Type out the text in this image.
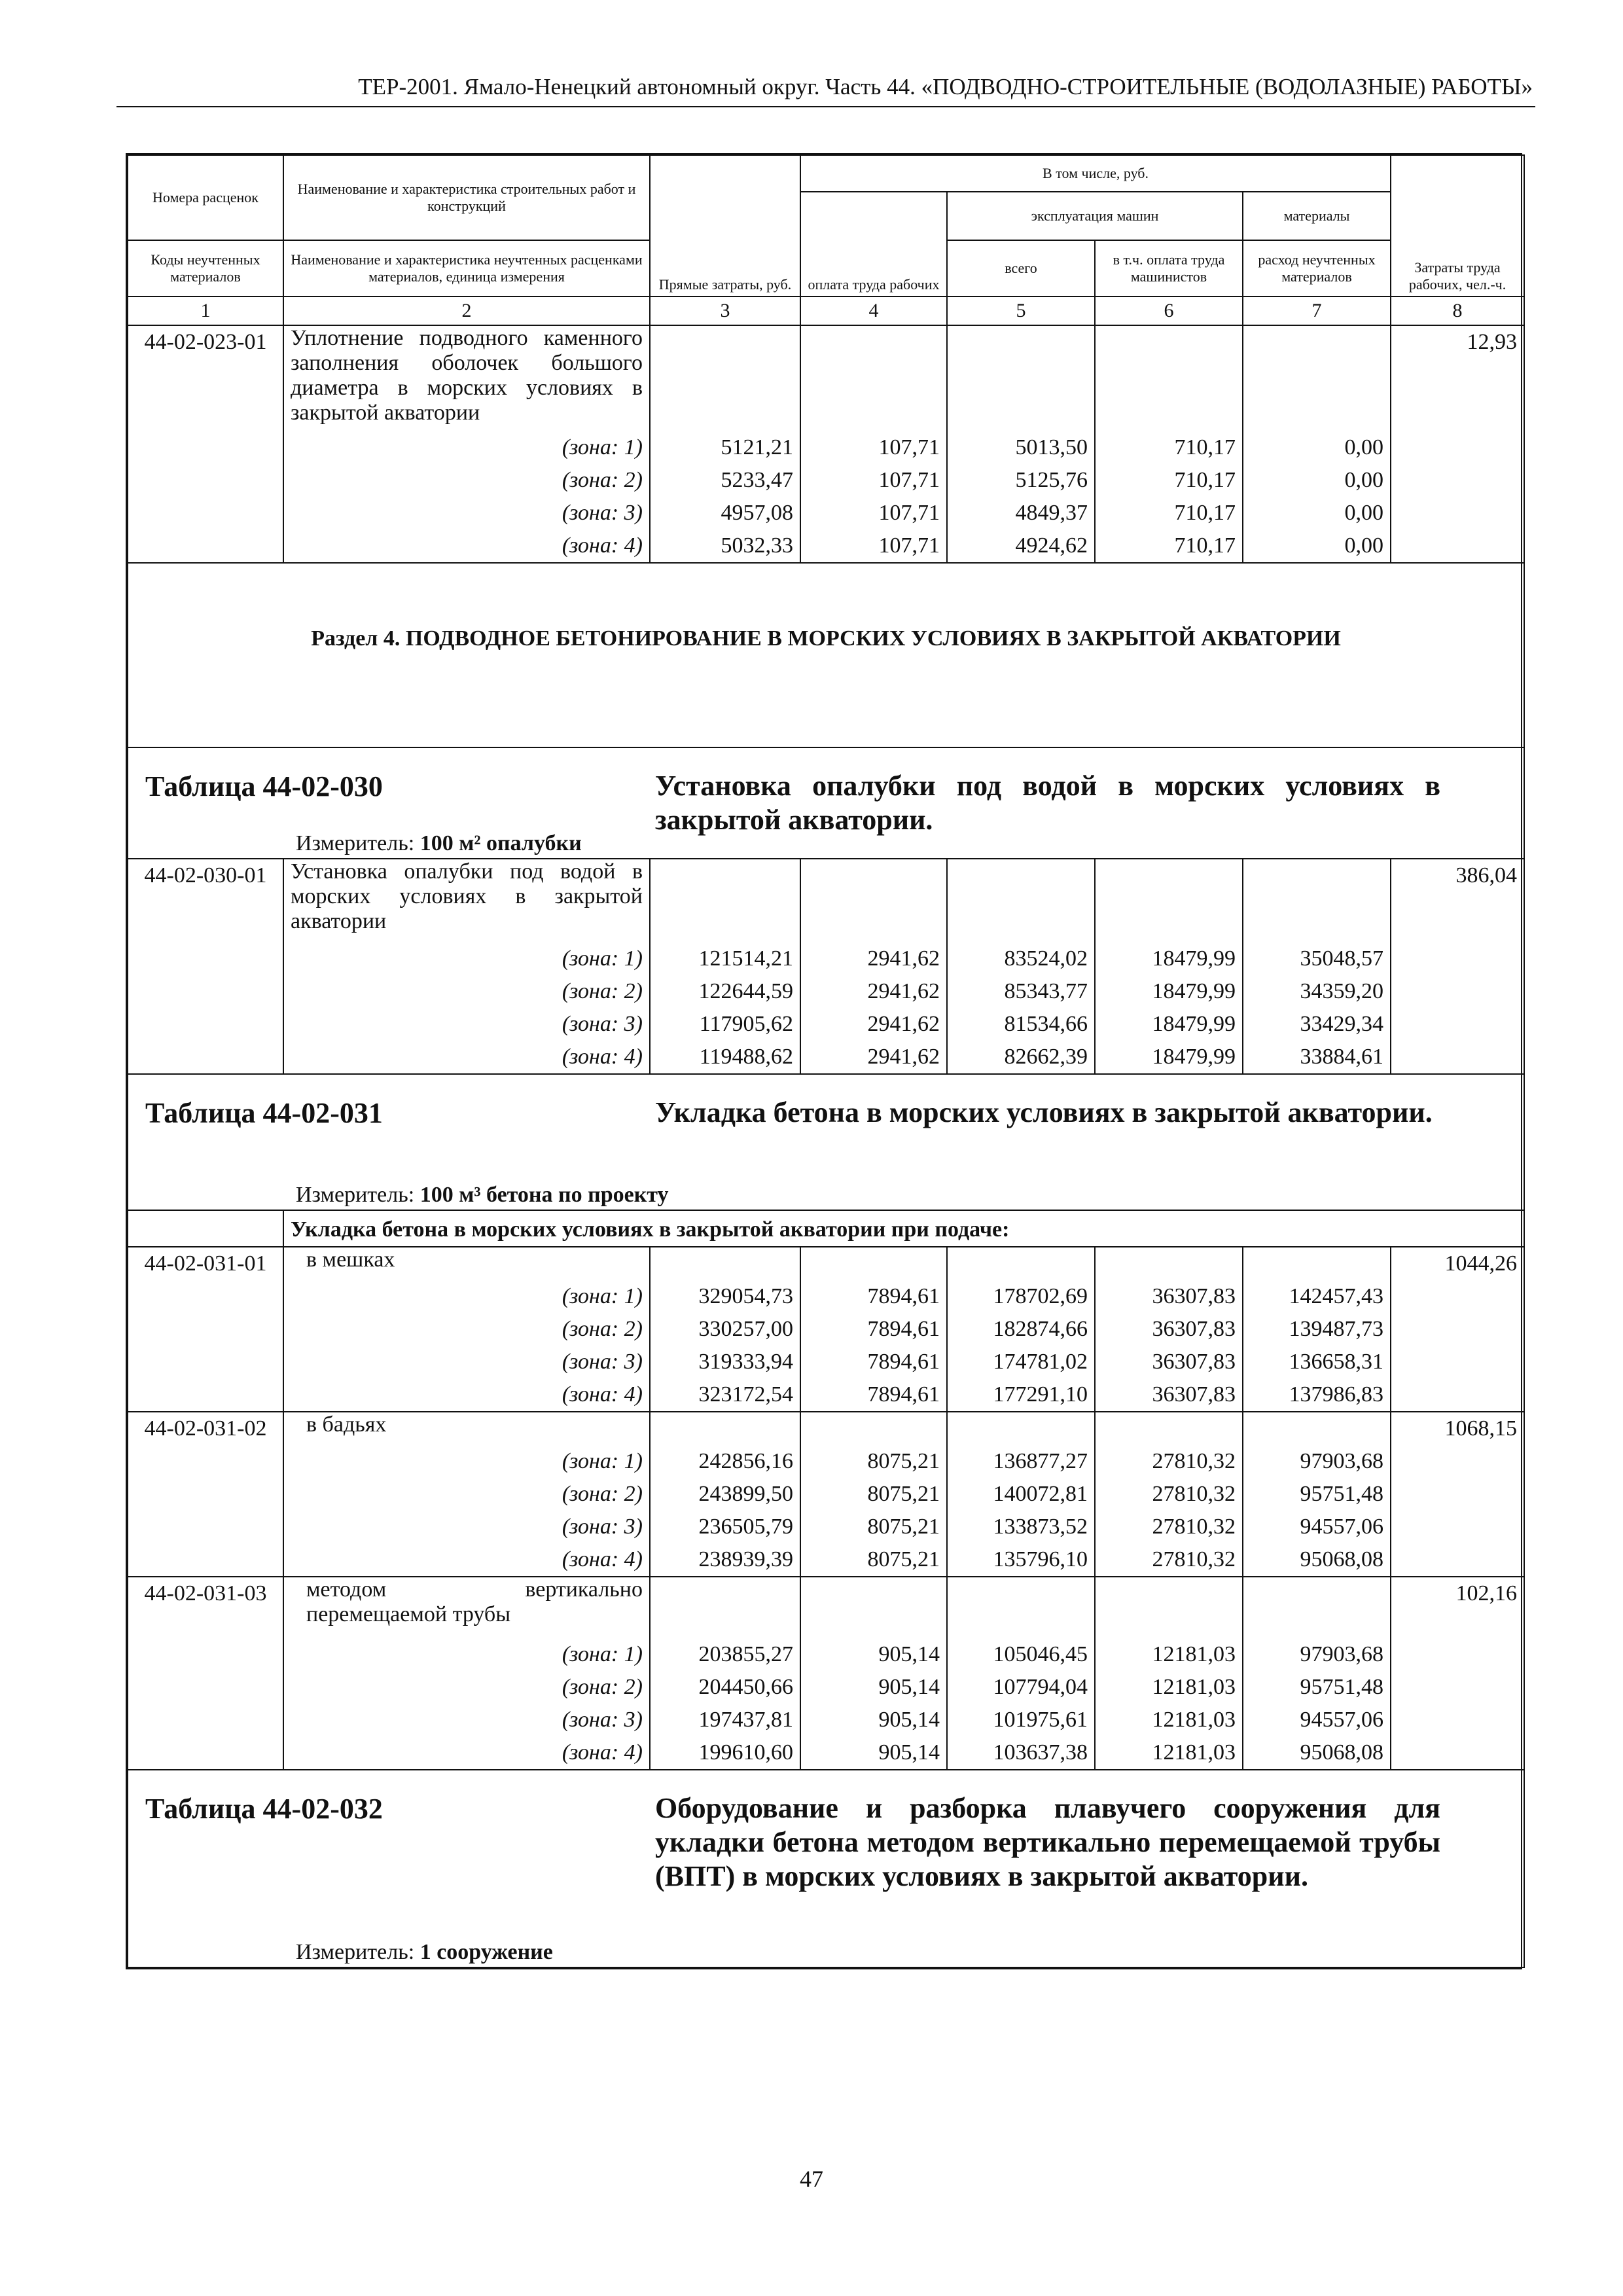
ТЕР-2001. Ямало-Ненецкий автономный округ. Часть 44. «ПОДВОДНО-СТРОИТЕЛЬНЫЕ (ВОДОЛАЗНЫЕ) РАБОТЫ»
Номера расценок	Наименование и характеристика строительных работ и конструкций	Прямые затраты, руб.	В том числе, руб.				Затраты труда рабочих, чел.-ч.
			оплата труда рабочих	эксплуатация машин		материалы	
Коды неучтенных материалов	Наименование и характеристика неучтенных расценками материалов, единица измерения			всего	в т.ч. оплата труда машинистов	расход неучтенных материалов	
1	2	3	4	5	6	7	8
44-02-023-01	Уплотнение подводного каменного заполнения оболочек большого диаметра в морских условиях в закрытой акватории						12,93
	(зона: 1)	5121,21	107,71	5013,50	710,17	0,00	
	(зона: 2)	5233,47	107,71	5125,76	710,17	0,00	
	(зона: 3)	4957,08	107,71	4849,37	710,17	0,00	
	(зона: 4)	5032,33	107,71	4924,62	710,17	0,00	
Раздел 4. ПОДВОДНОЕ БЕТОНИРОВАНИЕ В МОРСКИХ УСЛОВИЯХ В ЗАКРЫТОЙ АКВАТОРИИ							

Таблица 44-02-030 Установка опалубки под водой в морских условиях в закрытой акватории.
Измеритель: 100 м² опалубки							

44-02-030-01	Установка опалубки под водой в морских условиях в закрытой акватории						386,04
	(зона: 1)	121514,21	2941,62	83524,02	18479,99	35048,57	
	(зона: 2)	122644,59	2941,62	85343,77	18479,99	34359,20	
	(зона: 3)	117905,62	2941,62	81534,66	18479,99	33429,34	
	(зона: 4)	119488,62	2941,62	82662,39	18479,99	33884,61	

Таблица 44-02-031 Укладка бетона в морских условиях в закрытой акватории.
Измеритель: 100 м³ бетона по проекту							

	Укладка бетона в морских условиях в закрытой акватории при подаче:						
44-02-031-01	в мешках						1044,26
	(зона: 1)	329054,73	7894,61	178702,69	36307,83	142457,43	
	(зона: 2)	330257,00	7894,61	182874,66	36307,83	139487,73	
	(зона: 3)	319333,94	7894,61	174781,02	36307,83	136658,31	
	(зона: 4)	323172,54	7894,61	177291,10	36307,83	137986,83	
44-02-031-02	в бадьях						1068,15
	(зона: 1)	242856,16	8075,21	136877,27	27810,32	97903,68	
	(зона: 2)	243899,50	8075,21	140072,81	27810,32	95751,48	
	(зона: 3)	236505,79	8075,21	133873,52	27810,32	94557,06	
	(зона: 4)	238939,39	8075,21	135796,10	27810,32	95068,08	
44-02-031-03	методом вертикально перемещаемой трубы						102,16
	(зона: 1)	203855,27	905,14	105046,45	12181,03	97903,68	
	(зона: 2)	204450,66	905,14	107794,04	12181,03	95751,48	
	(зона: 3)	197437,81	905,14	101975,61	12181,03	94557,06	
	(зона: 4)	199610,60	905,14	103637,38	12181,03	95068,08	

Таблица 44-02-032 Оборудование и разборка плавучего сооружения для укладки бетона методом вертикально перемещаемой трубы (ВПТ) в морских условиях в закрытой акватории.
Измеритель: 1 сооружение							
47
